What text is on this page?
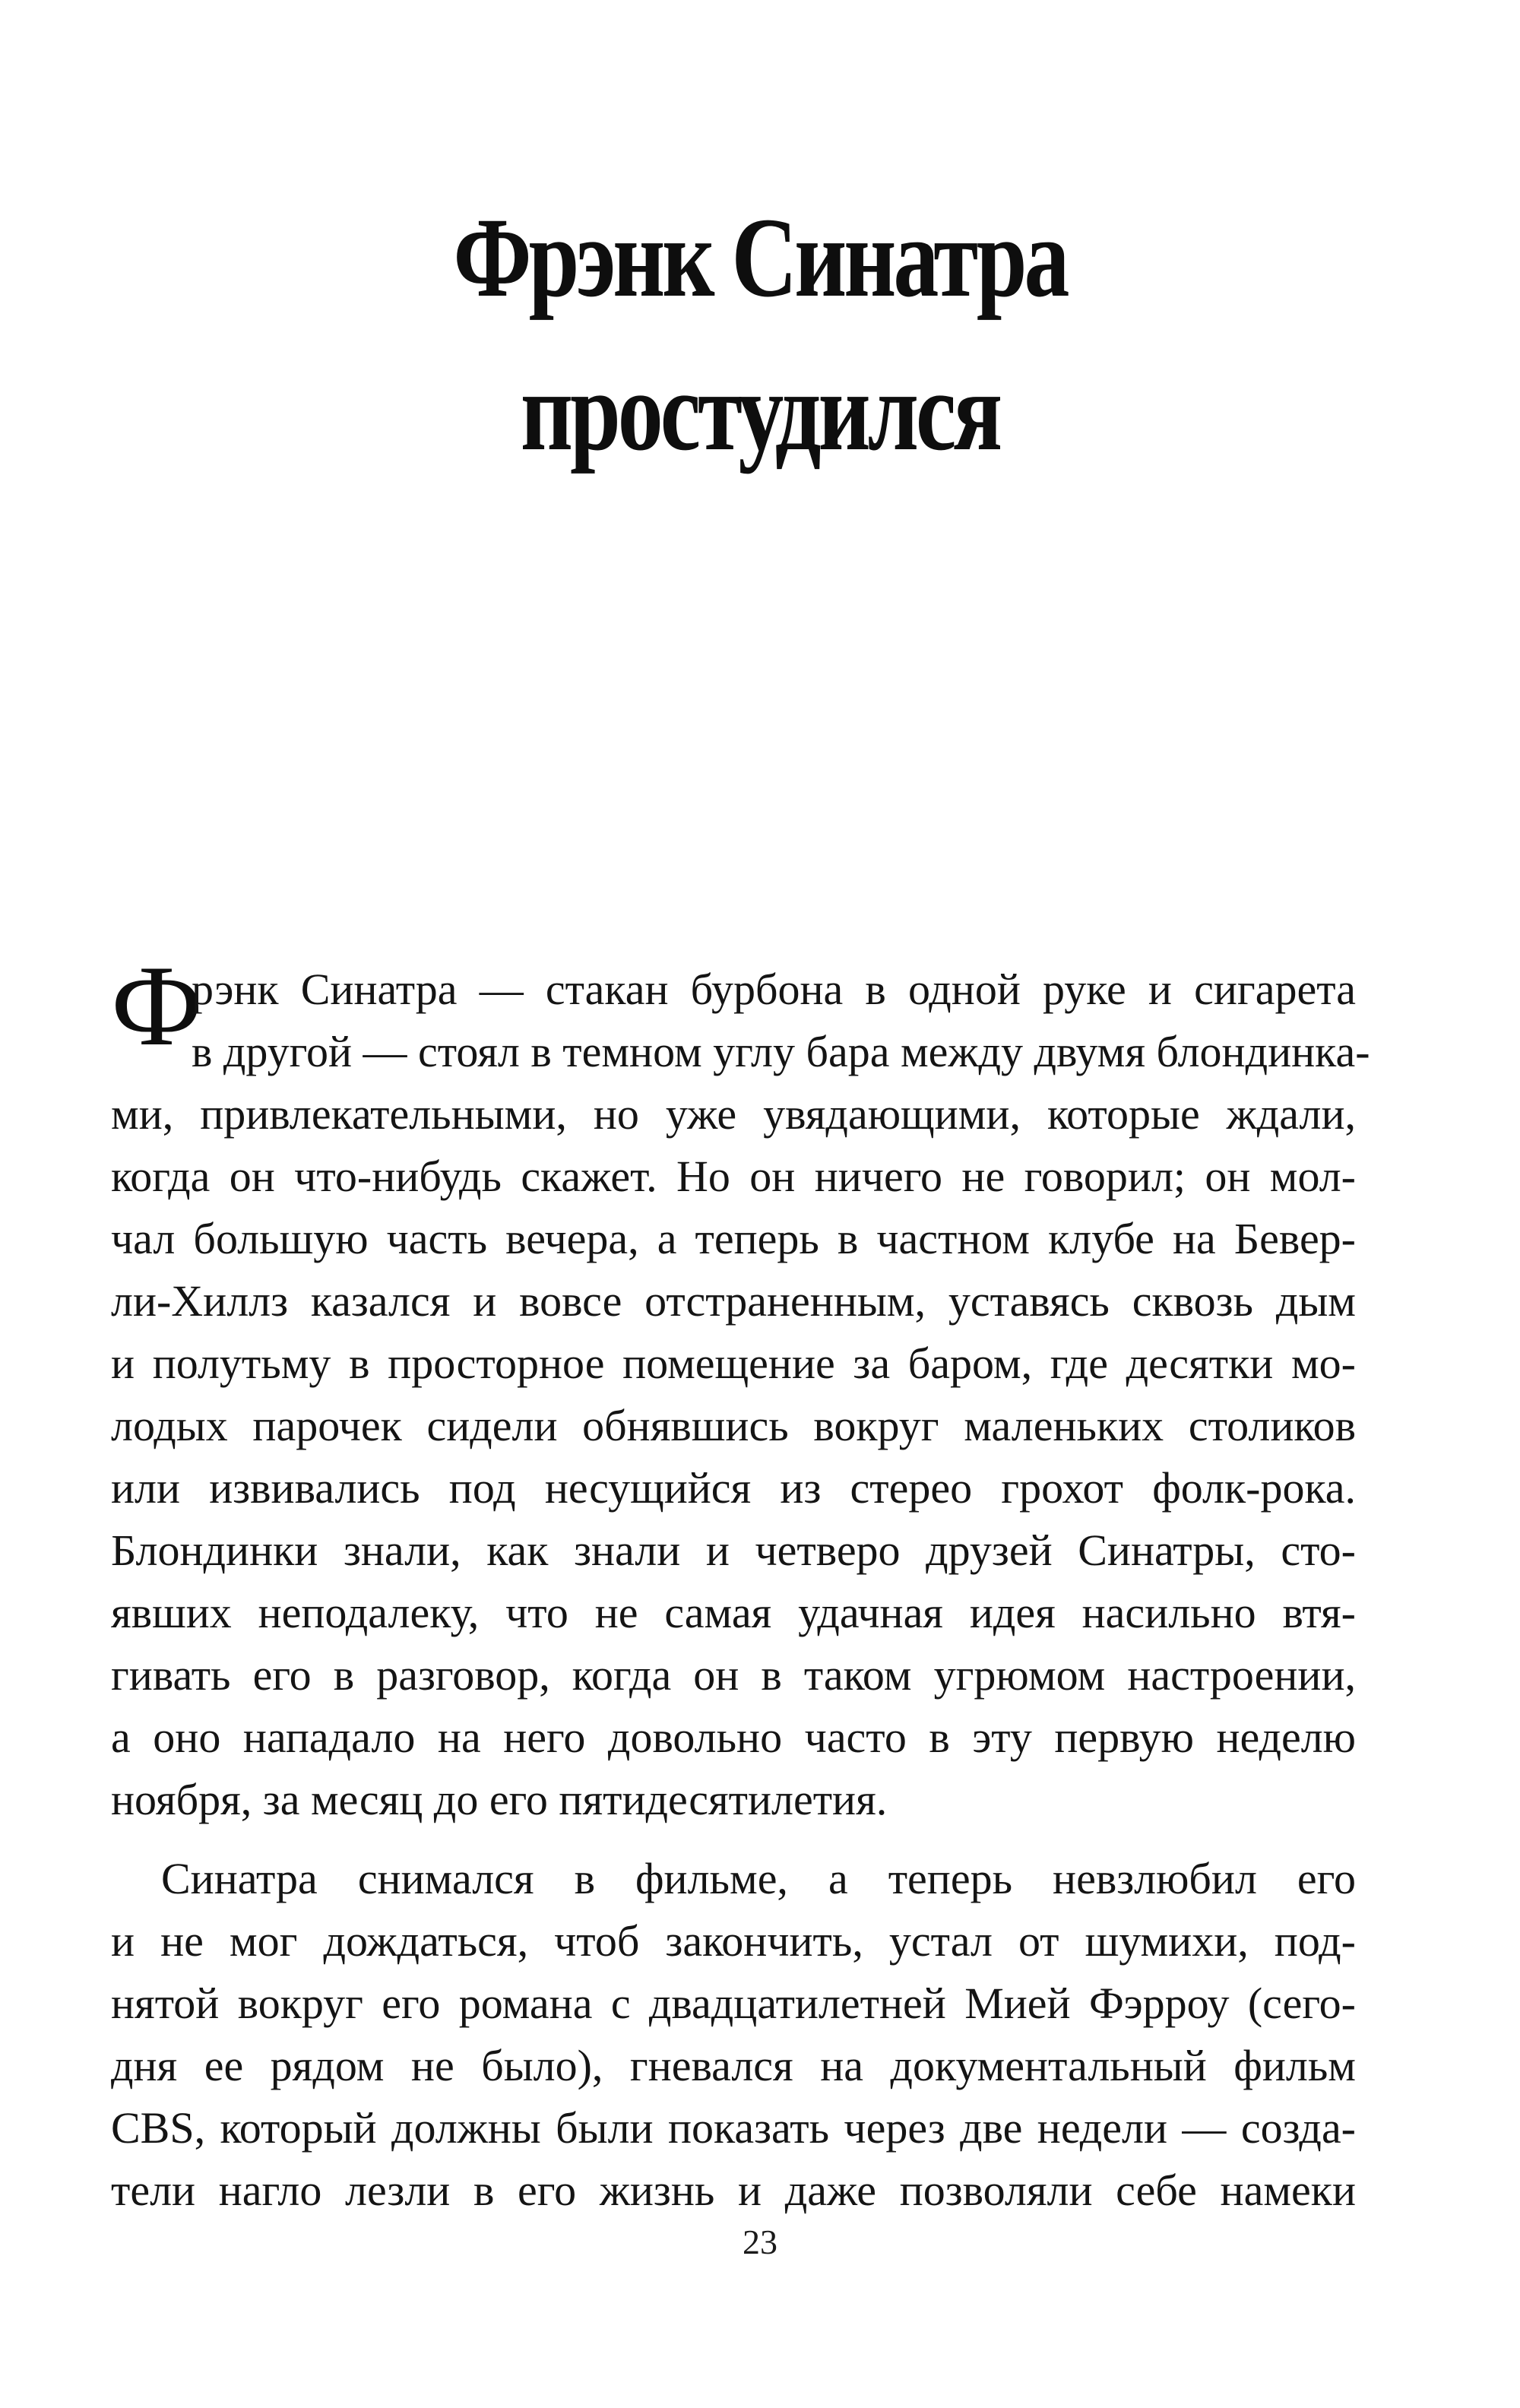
Фрэнк Синатра
простудился
Ф
рэнк Синатра — стакан бурбона в одной руке и сигарета
в другой — стоял в темном углу бара между двумя блондинка-
ми, привлекательными, но уже увядающими, которые ждали,
когда он что-нибудь скажет. Но он ничего не говорил; он мол-
чал большую часть вечера, а теперь в частном клубе на Бевер-
ли-Хиллз казался и вовсе отстраненным, уставясь сквозь дым
и полутьму в просторное помещение за баром, где десятки мо-
лодых парочек сидели обнявшись вокруг маленьких столиков
или извивались под несущийся из стерео грохот фолк-рока.
Блондинки знали, как знали и четверо друзей Синатры, сто-
явших неподалеку, что не самая удачная идея насильно втя-
гивать его в разговор, когда он в таком угрюмом настроении,
а оно нападало на него довольно часто в эту первую неделю
ноября, за месяц до его пятидесятилетия.
Синатра снимался в фильме, а теперь невзлюбил его
и не мог дождаться, чтоб закончить, устал от шумихи, под-
нятой вокруг его романа с двадцатилетней Мией Фэрроу (сего-
дня ее рядом не было), гневался на документальный фильм
CBS, который должны были показать через две недели — созда-
тели нагло лезли в его жизнь и даже позволяли себе намеки
23
